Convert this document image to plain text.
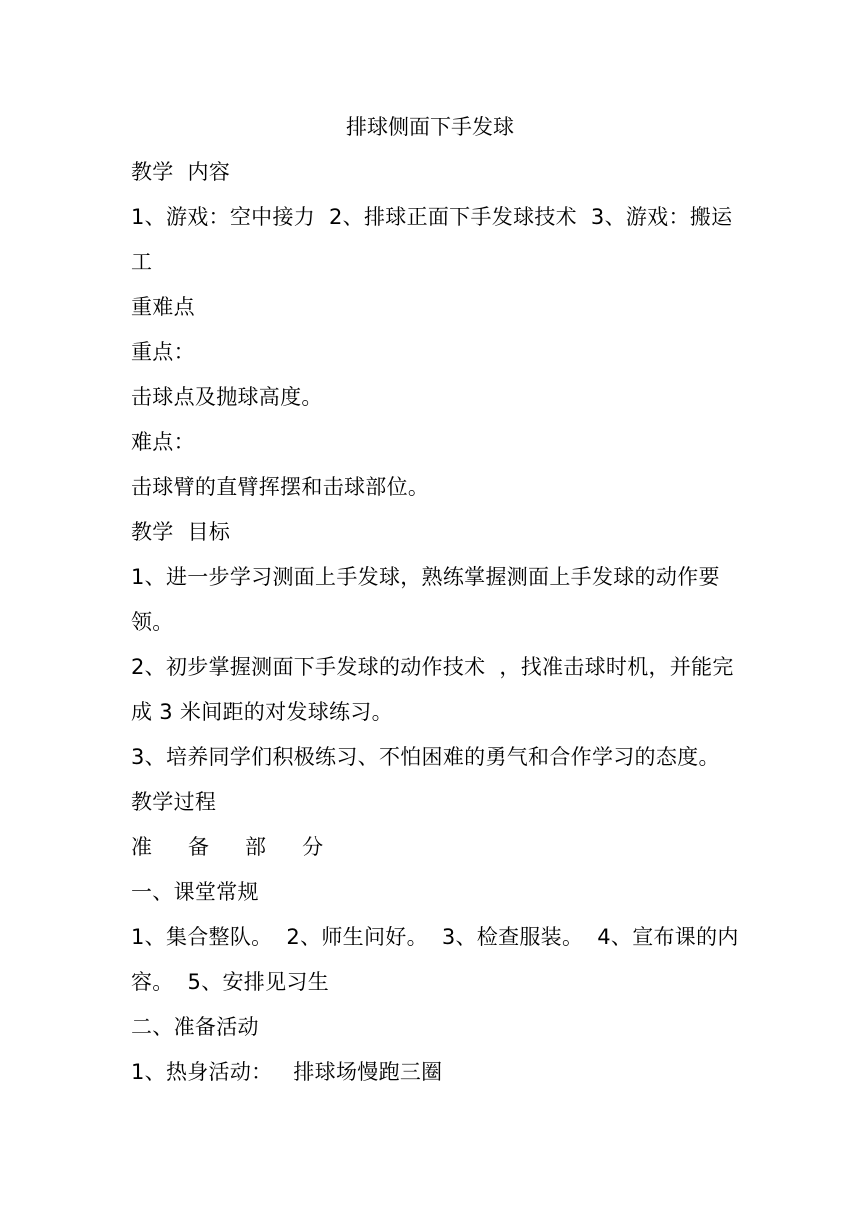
排球侧面下手发球
教学  内容
1、游戏：空中接力  2、排球正面下手发球技术  3、游戏：搬运
工
重难点
重点：
击球点及抛球高度。
难点：
击球臂的直臂挥摆和击球部位。
教学  目标
1、进一步学习测面上手发球，熟练掌握测面上手发球的动作要
领。
2、初步掌握测面下手发球的动作技术  ，找准击球时机，并能完
成 3 米间距的对发球练习。
3、培养同学们积极练习、不怕困难的勇气和合作学习的态度。
教学过程
准   备   部   分
一、课堂常规
1、集合整队。  2、师生问好。  3、检查服装。  4、宣布课的内
容。  5、安排见习生
二、准备活动
1、热身活动：   排球场慢跑三圈
